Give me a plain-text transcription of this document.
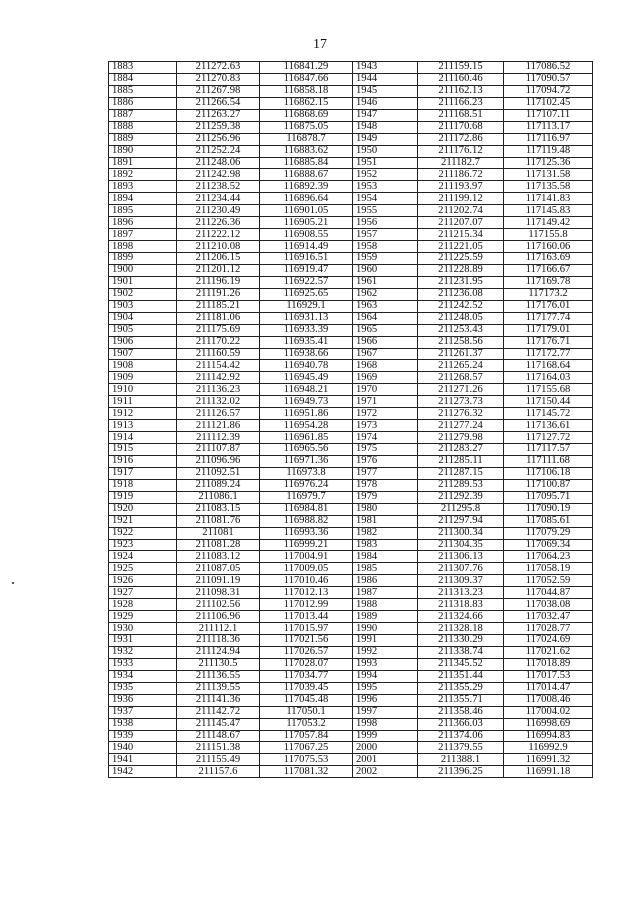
17
1883	211272.63	116841.29	1943	211159.15	117086.52
1884	211270.83	116847.66	1944	211160.46	117090.57
1885	211267.98	116858.18	1945	211162.13	117094.72
1886	211266.54	116862.15	1946	211166.23	117102.45
1887	211263.27	116868.69	1947	211168.51	117107.11
1888	211259.38	116875.05	1948	211170.68	117113.17
1889	211256.96	116878.7	1949	211172.86	117116.97
1890	211252.24	116883.62	1950	211176.12	117119.48
1891	211248.06	116885.84	1951	211182.7	117125.36
1892	211242.98	116888.67	1952	211186.72	117131.58
1893	211238.52	116892.39	1953	211193.97	117135.58
1894	211234.44	116896.64	1954	211199.12	117141.83
1895	211230.49	116901.05	1955	211202.74	117145.83
1896	211226.36	116905.21	1956	211207.07	117149.42
1897	211222.12	116908.55	1957	211215.34	117155.8
1898	211210.08	116914.49	1958	211221.05	117160.06
1899	211206.15	116916.51	1959	211225.59	117163.69
1900	211201.12	116919.47	1960	211228.89	117166.67
1901	211196.19	116922.57	1961	211231.95	117169.78
1902	211191.26	116925.65	1962	211236.08	117173.2
1903	211185.21	116929.1	1963	211242.52	117176.01
1904	211181.06	116931.13	1964	211248.05	117177.74
1905	211175.69	116933.39	1965	211253.43	117179.01
1906	211170.22	116935.41	1966	211258.56	117176.71
1907	211160.59	116938.66	1967	211261.37	117172.77
1908	211154.42	116940.78	1968	211265.24	117168.64
1909	211142.92	116945.49	1969	211268.57	117164.03
1910	211136.23	116948.21	1970	211271.26	117155.68
1911	211132.02	116949.73	1971	211273.73	117150.44
1912	211126.57	116951.86	1972	211276.32	117145.72
1913	211121.86	116954.28	1973	211277.24	117136.61
1914	211112.39	116961.85	1974	211279.98	117127.72
1915	211107.87	116965.56	1975	211283.27	117117.57
1916	211096.96	116971.36	1976	211285.11	117111.68
1917	211092.51	116973.8	1977	211287.15	117106.18
1918	211089.24	116976.24	1978	211289.53	117100.87
1919	211086.1	116979.7	1979	211292.39	117095.71
1920	211083.15	116984.81	1980	211295.8	117090.19
1921	211081.76	116988.82	1981	211297.94	117085.61
1922	211081	116993.36	1982	211300.34	117079.29
1923	211081.28	116999.21	1983	211304.35	117069.34
1924	211083.12	117004.91	1984	211306.13	117064.23
1925	211087.05	117009.05	1985	211307.76	117058.19
1926	211091.19	117010.46	1986	211309.37	117052.59
1927	211098.31	117012.13	1987	211313.23	117044.87
1928	211102.56	117012.99	1988	211318.83	117038.08
1929	211106.96	117013.44	1989	211324.66	117032.47
1930	211112.1	117015.97	1990	211328.18	117028.77
1931	211118.36	117021.56	1991	211330.29	117024.69
1932	211124.94	117026.57	1992	211338.74	117021.62
1933	211130.5	117028.07	1993	211345.52	117018.89
1934	211136.55	117034.77	1994	211351.44	117017.53
1935	211139.55	117039.45	1995	211355.29	117014.47
1936	211141.36	117045.48	1996	211355.71	117008.46
1937	211142.72	117050.1	1997	211358.46	117004.02
1938	211145.47	117053.2	1998	211366.03	116998.69
1939	211148.67	117057.84	1999	211374.06	116994.83
1940	211151.38	117067.25	2000	211379.55	116992.9
1941	211155.49	117075.53	2001	211388.1	116991.32
1942	211157.6	117081.32	2002	211396.25	116991.18
